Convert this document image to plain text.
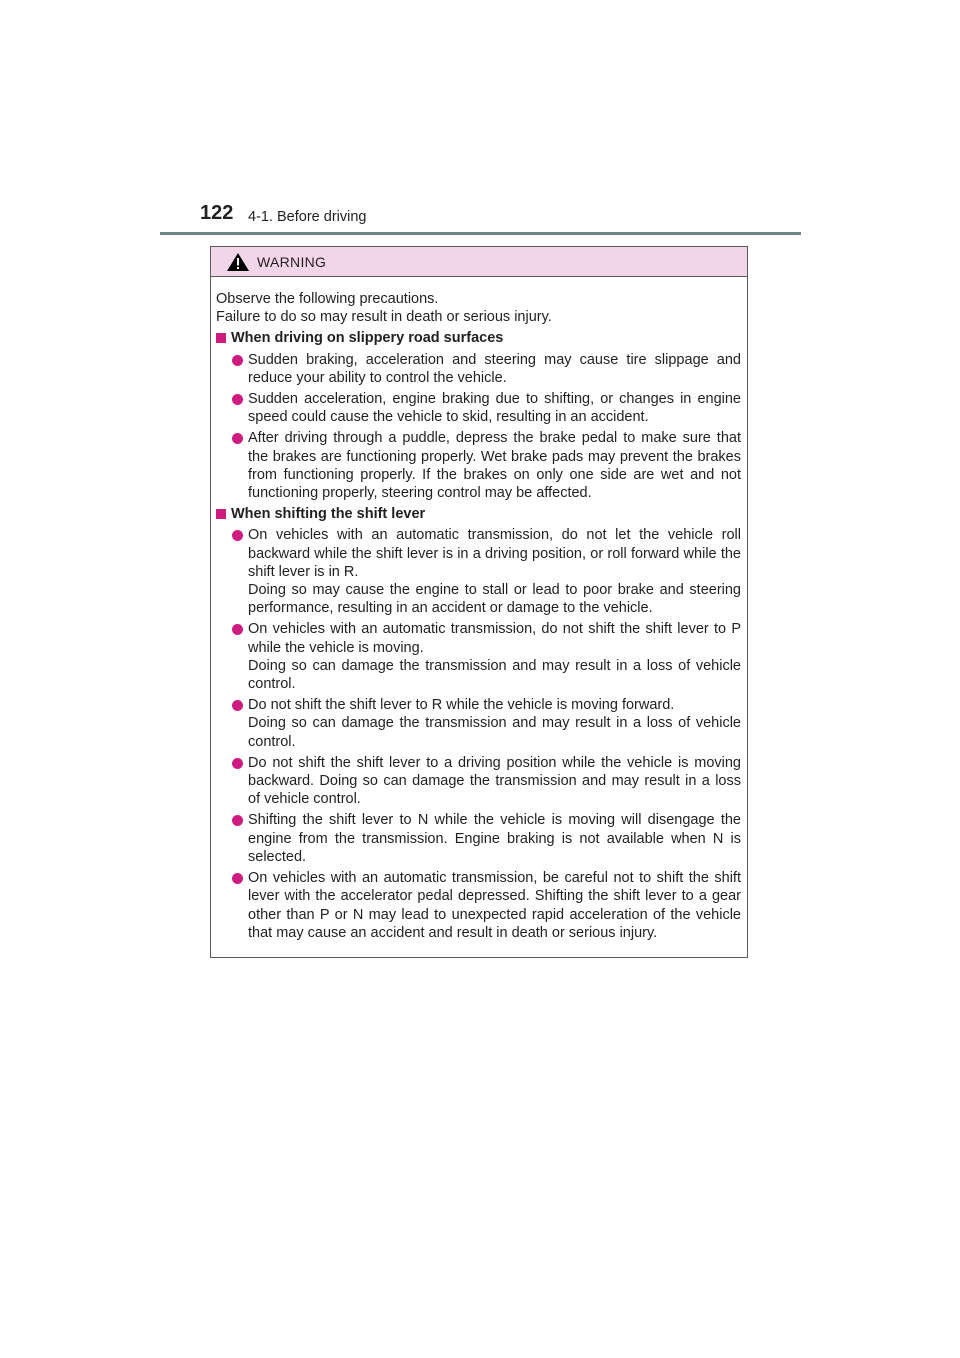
122 4-1. Before driving
WARNING
Observe the following precautions.
Failure to do so may result in death or serious injury.
When driving on slippery road surfaces
Sudden braking, acceleration and steering may cause tire slippage and reduce your ability to control the vehicle.
Sudden acceleration, engine braking due to shifting, or changes in engine speed could cause the vehicle to skid, resulting in an accident.
After driving through a puddle, depress the brake pedal to make sure that the brakes are functioning properly. Wet brake pads may prevent the brakes from functioning properly. If the brakes on only one side are wet and not functioning properly, steering control may be affected.
When shifting the shift lever
On vehicles with an automatic transmission, do not let the vehicle roll backward while the shift lever is in a driving position, or roll forward while the shift lever is in R.
Doing so may cause the engine to stall or lead to poor brake and steering performance, resulting in an accident or damage to the vehicle.
On vehicles with an automatic transmission, do not shift the shift lever to P while the vehicle is moving.
Doing so can damage the transmission and may result in a loss of vehicle control.
Do not shift the shift lever to R while the vehicle is moving forward.
Doing so can damage the transmission and may result in a loss of vehicle control.
Do not shift the shift lever to a driving position while the vehicle is moving backward. Doing so can damage the transmission and may result in a loss of vehicle control.
Shifting the shift lever to N while the vehicle is moving will disengage the engine from the transmission. Engine braking is not available when N is selected.
On vehicles with an automatic transmission, be careful not to shift the shift lever with the accelerator pedal depressed. Shifting the shift lever to a gear other than P or N may lead to unexpected rapid acceleration of the vehicle that may cause an accident and result in death or serious injury.
